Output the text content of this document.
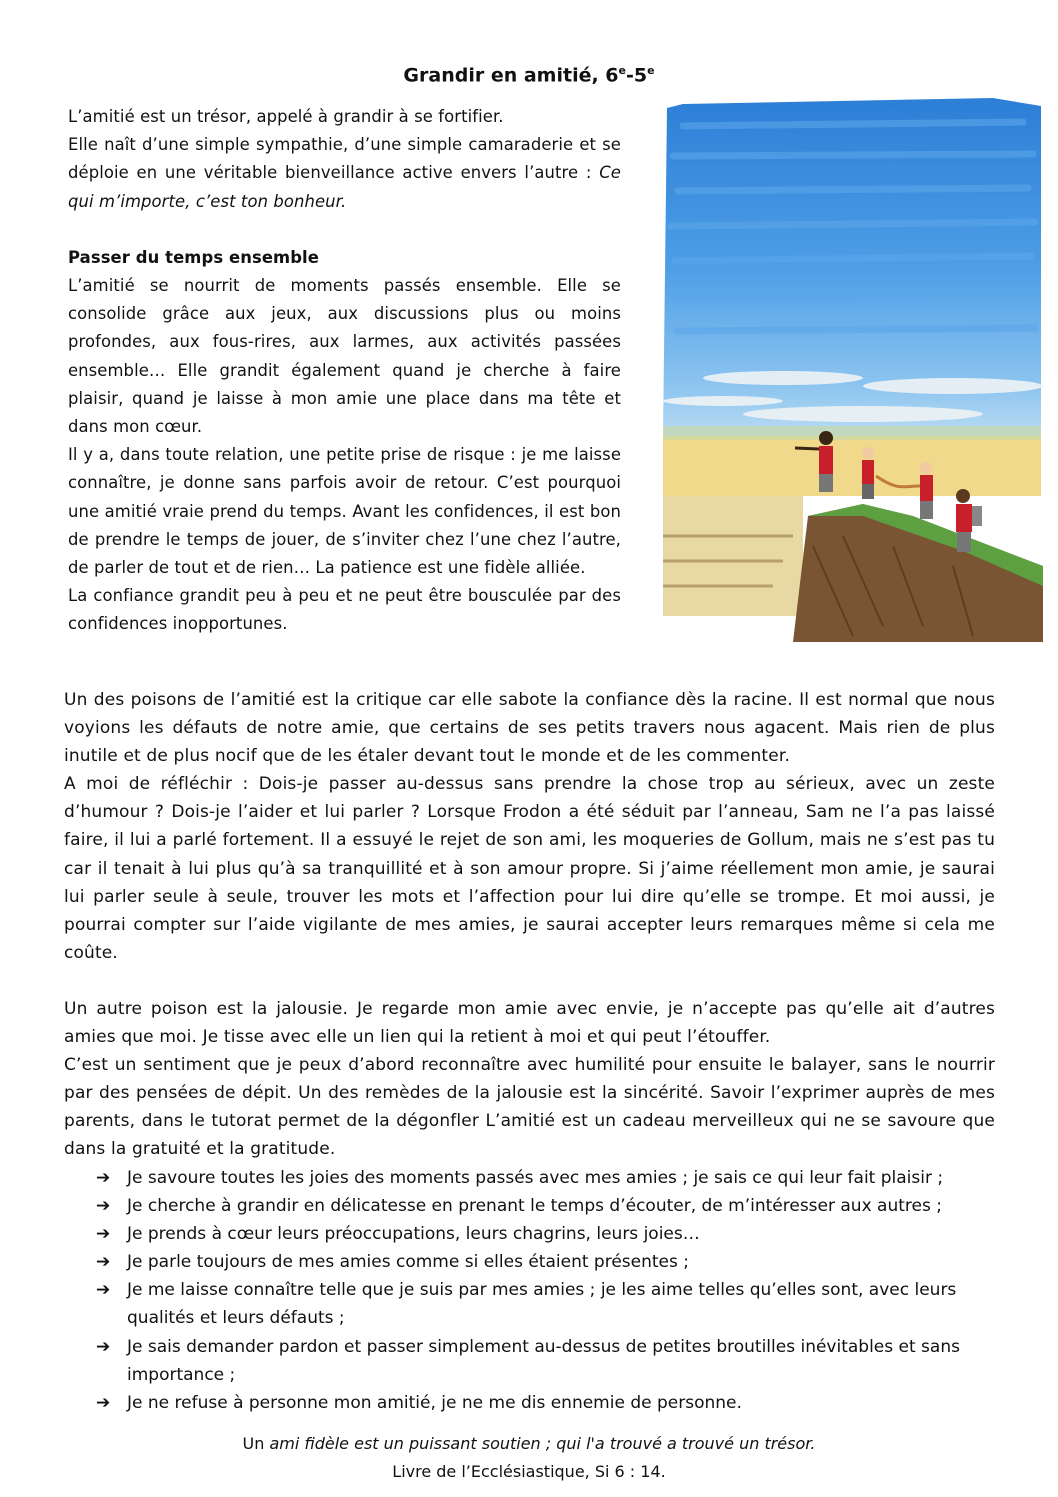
Grandir en amitié, 6e-5e

L’amitié est un trésor, appelé à grandir à se fortifier.

Elle naît d’une simple sympathie, d’une simple camaraderie et se déploie en une véritable bienveillance active envers l’autre : Ce qui m’importe, c’est ton bonheur.

Passer du temps ensemble

L’amitié se nourrit de moments passés ensemble. Elle se consolide grâce aux jeux, aux discussions plus ou moins profondes, aux fous-rires, aux larmes, aux activités passées ensemble… Elle grandit également quand je cherche à faire plaisir, quand je laisse à mon amie une place dans ma tête et dans mon cœur.

Il y a, dans toute relation, une petite prise de risque : je me laisse connaître, je donne sans parfois avoir de retour. C’est pourquoi une amitié vraie prend du temps. Avant les confidences, il est bon de prendre le temps de jouer, de s’inviter chez l’une chez l’autre, de parler de tout et de rien… La patience est une fidèle alliée.

La confiance grandit peu à peu et ne peut être bousculée par des confidences inopportunes.

Un des poisons de l’amitié est la critique car elle sabote la confiance dès la racine. Il est normal que nous voyions les défauts de notre amie, que certains de ses petits travers nous agacent. Mais rien de plus inutile et de plus nocif que de les étaler devant tout le monde et de les commenter.

A moi de réfléchir : Dois-je passer au-dessus sans prendre la chose trop au sérieux, avec un zeste d’humour ? Dois-je l’aider et lui parler ? Lorsque Frodon a été séduit par l’anneau, Sam ne l’a pas laissé faire, il lui a parlé fortement. Il a essuyé le rejet de son ami, les moqueries de Gollum, mais ne s’est pas tu car il tenait à lui plus qu’à sa tranquillité et à son amour propre. Si j’aime réellement mon amie, je saurai lui parler seule à seule, trouver les mots et l’affection pour lui dire qu’elle se trompe. Et moi aussi, je pourrai compter sur l’aide vigilante de mes amies, je saurai accepter leurs remarques même si cela me coûte.

Un autre poison est la jalousie. Je regarde mon amie avec envie, je n’accepte pas qu’elle ait d’autres amies que moi. Je tisse avec elle un lien qui la retient à moi et qui peut l’étouffer.

C’est un sentiment que je peux d’abord reconnaître avec humilité pour ensuite le balayer, sans le nourrir par des pensées de dépit. Un des remèdes de la jalousie est la sincérité. Savoir l’exprimer auprès de mes parents, dans le tutorat permet de la dégonfler L’amitié est un cadeau merveilleux qui ne se savoure que dans la gratuité et la gratitude.

➔ Je savoure toutes les joies des moments passés avec mes amies ; je sais ce qui leur fait plaisir ;
➔ Je cherche à grandir en délicatesse en prenant le temps d’écouter, de m’intéresser aux autres ;
➔ Je prends à cœur leurs préoccupations, leurs chagrins, leurs joies…
➔ Je parle toujours de mes amies comme si elles étaient présentes ;
➔ Je me laisse connaître telle que je suis par mes amies ; je les aime telles qu’elles sont, avec leurs qualités et leurs défauts ;
➔ Je sais demander pardon et passer simplement au-dessus de petites broutilles inévitables et sans importance ;
➔ Je ne refuse à personne mon amitié, je ne me dis ennemie de personne.
Un ami fidèle est un puissant soutien ; qui l'a trouvé a trouvé un trésor.
Livre de l’Ecclésiastique, Si 6 : 14.
